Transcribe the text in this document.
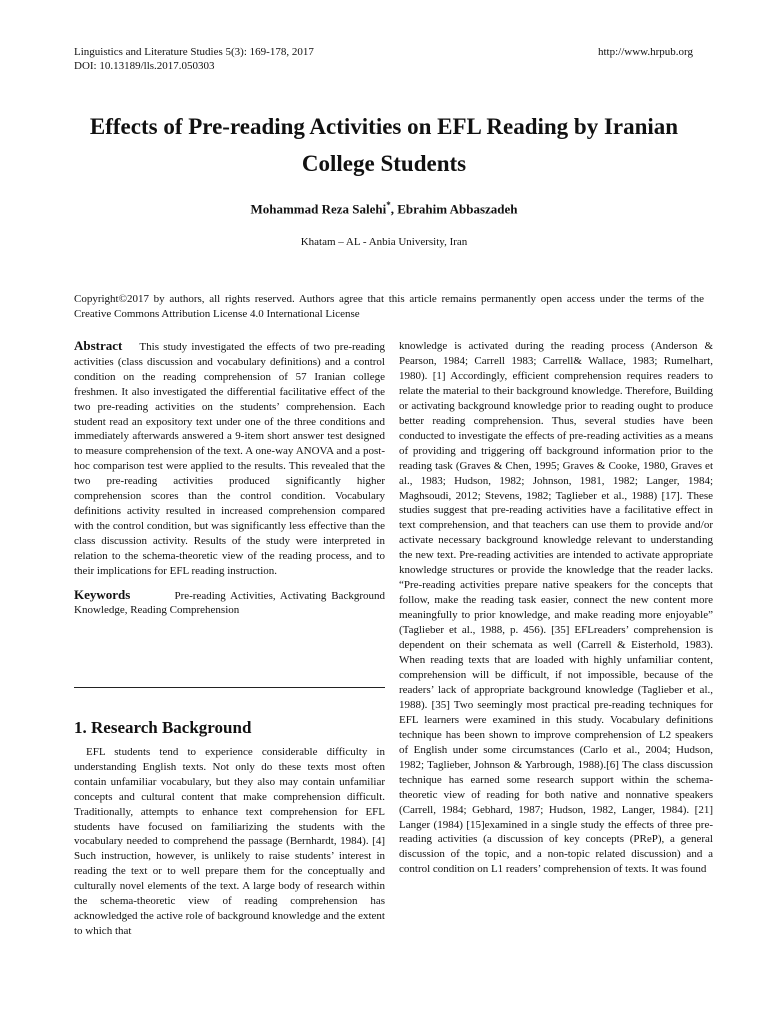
Linguistics and Literature Studies 5(3): 169-178, 2017
DOI: 10.13189/lls.2017.050303
http://www.hrpub.org
Effects of Pre-reading Activities on EFL Reading by Iranian College Students
Mohammad Reza Salehi*, Ebrahim Abbaszadeh
Khatam – AL - Anbia University, Iran
Copyright©2017 by authors, all rights reserved. Authors agree that this article remains permanently open access under the terms of the Creative Commons Attribution License 4.0 International License

Abstract This study investigated the effects of two pre-reading activities (class discussion and vocabulary definitions) and a control condition on the reading comprehension of 57 Iranian college freshmen. It also investigated the differential facilitative effect of the two pre-reading activities on the students’ comprehension. Each student read an expository text under one of the three conditions and immediately afterwards answered a 9-item short answer test designed to measure comprehension of the text. A one-way ANOVA and a post-hoc comparison test were applied to the results. This revealed that the two pre-reading activities produced significantly higher comprehension scores than the control condition. Vocabulary definitions activity resulted in increased comprehension compared with the control condition, but was significantly less effective than the class discussion activity. Results of the study were interpreted in relation to the schema-theoretic view of the reading process, and to their implications for EFL reading instruction.

Keywords	Pre-reading Activities, Activating Background Knowledge, Reading Comprehension

1. Research Background

EFL students tend to experience considerable difficulty in understanding English texts. Not only do these texts most often contain unfamiliar vocabulary, but they also may contain unfamiliar concepts and cultural content that make comprehension difficult. Traditionally, attempts to enhance text comprehension for EFL students have focused on familiarizing the students with the vocabulary needed to comprehend the passage (Bernhardt, 1984). [4] Such instruction, however, is unlikely to raise students’ interest in reading the text or to well prepare them for the conceptually and culturally novel elements of the text. A large body of research within the schema-theoretic view of reading comprehension has acknowledged the active role of background knowledge and the extent to which that

knowledge is activated during the reading process (Anderson & Pearson, 1984; Carrell 1983; Carrell& Wallace, 1983; Rumelhart, 1980). [1] Accordingly, efficient comprehension requires readers to relate the material to their background knowledge. Therefore, Building or activating background knowledge prior to reading ought to produce better reading comprehension. Thus, several studies have been conducted to investigate the effects of pre-reading activities as a means of providing and triggering off background information prior to the reading task (Graves & Chen, 1995; Graves & Cooke, 1980, Graves et al., 1983; Hudson, 1982; Johnson, 1981, 1982; Langer, 1984; Maghsoudi, 2012; Stevens, 1982; Taglieber et al., 1988) [17]. These studies suggest that pre-reading activities have a facilitative effect in text comprehension, and that teachers can use them to provide and/or activate necessary background knowledge relevant to understanding the new text. Pre-reading activities are intended to activate appropriate knowledge structures or provide the knowledge that the reader lacks. “Pre-reading activities prepare native speakers for the concepts that follow, make the reading task easier, connect the new content more meaningfully to prior knowledge, and make reading more enjoyable” (Taglieber et al., 1988, p. 456). [35] EFLreaders’ comprehension is dependent on their schemata as well (Carrell & Eisterhold, 1983). When reading texts that are loaded with highly unfamiliar content, comprehension will be difficult, if not impossible, because of the readers’ lack of appropriate background knowledge (Taglieber et al., 1988). [35] Two seemingly most practical pre-reading techniques for EFL learners were examined in this study. Vocabulary definitions technique has been shown to improve comprehension of L2 speakers of English under some circumstances (Carlo et al., 2004; Hudson, 1982; Taglieber, Johnson & Yarbrough, 1988).[6] The class discussion technique has earned some research support within the schema-theoretic view of reading for both native and nonnative speakers (Carrell, 1984; Gebhard, 1987; Hudson, 1982, Langer, 1984). [21] Langer (1984) [15]examined in a single study the effects of three pre-reading activities (a discussion of key concepts (PReP), a general discussion of the topic, and a non-topic related discussion) and a control condition on L1 readers’ comprehension of texts. It was found
